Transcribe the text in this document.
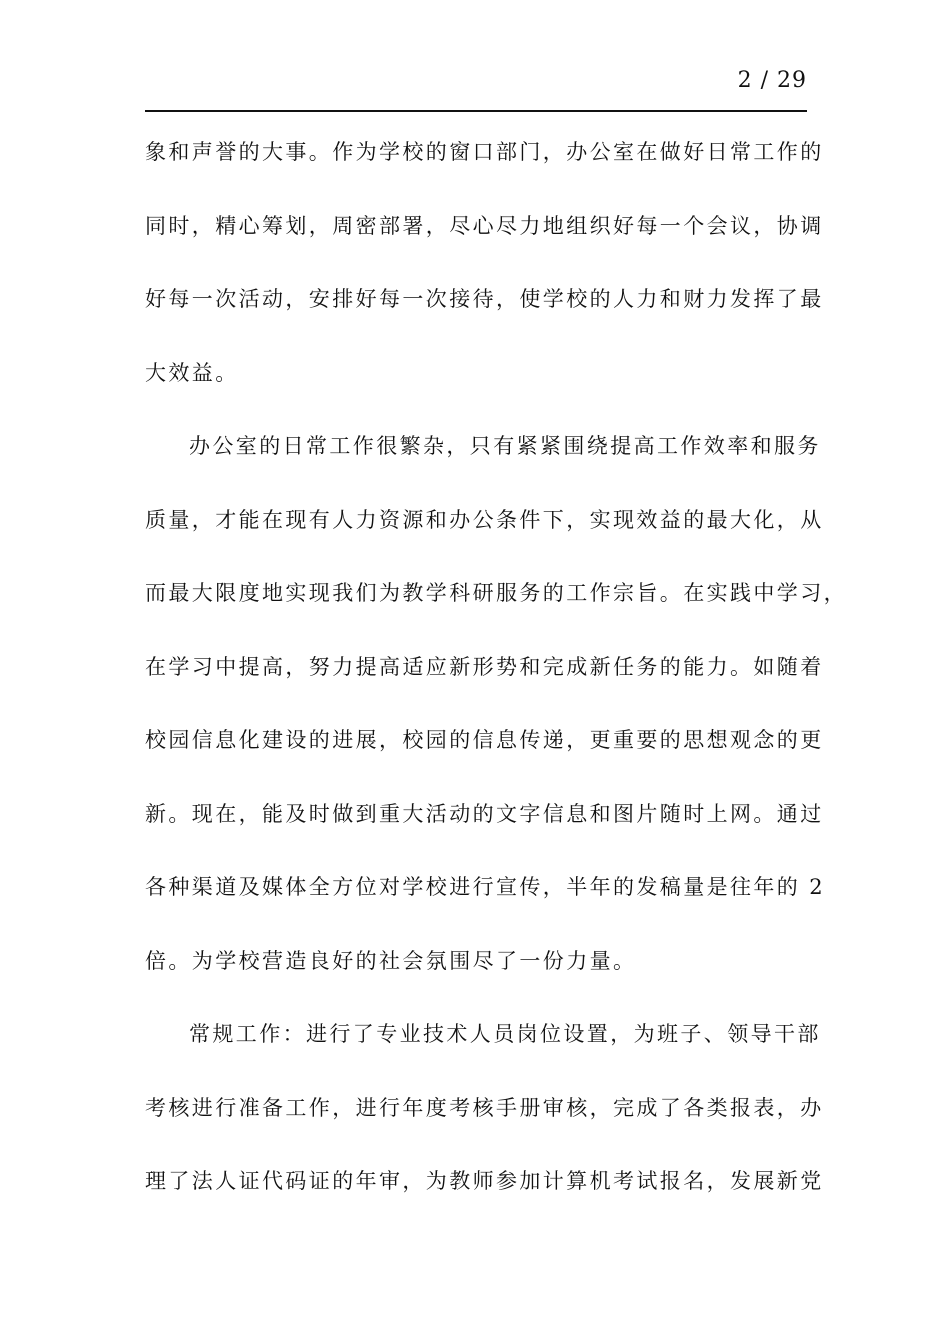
2 / 29
象和声誉的大事。作为学校的窗口部门，办公室在做好日常工作的
同时，精心筹划，周密部署，尽心尽力地组织好每一个会议，协调
好每一次活动，安排好每一次接待，使学校的人力和财力发挥了最
大效益。
办公室的日常工作很繁杂，只有紧紧围绕提高工作效率和服务
质量，才能在现有人力资源和办公条件下，实现效益的最大化，从
而最大限度地实现我们为教学科研服务的工作宗旨。在实践中学习，
在学习中提高，努力提高适应新形势和完成新任务的能力。如随着
校园信息化建设的进展，校园的信息传递，更重要的思想观念的更
新。现在，能及时做到重大活动的文字信息和图片随时上网。通过
各种渠道及媒体全方位对学校进行宣传，半年的发稿量是往年的 2
倍。为学校营造良好的社会氛围尽了一份力量。
常规工作：进行了专业技术人员岗位设置，为班子、领导干部
考核进行准备工作，进行年度考核手册审核，完成了各类报表，办
理了法人证代码证的年审，为教师参加计算机考试报名，发展新党
